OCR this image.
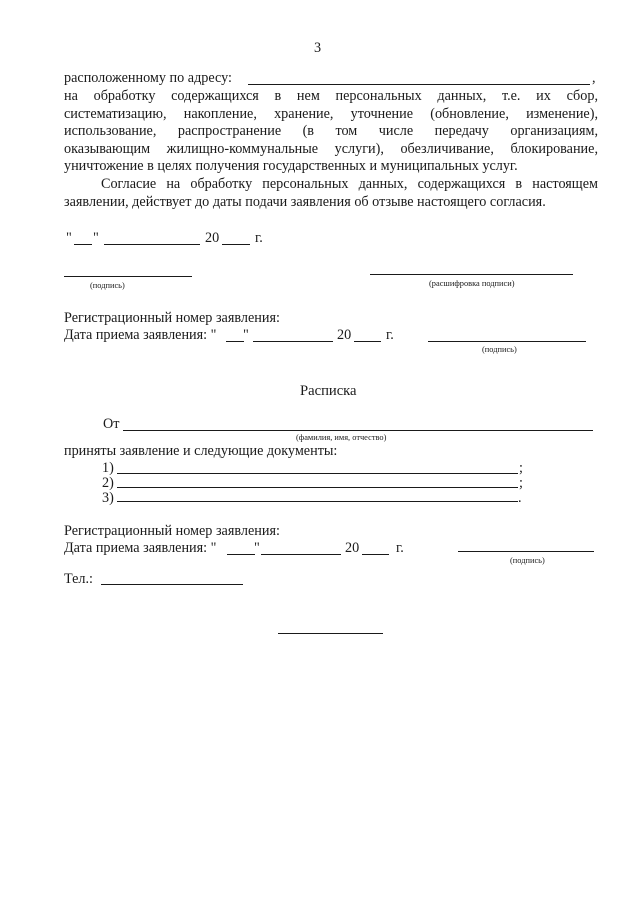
3
расположенному по адресу:	,
на обработку содержащихся в нем персональных данных, т.е. их сбор,
систематизацию, накопление, хранение, уточнение (обновление, изменение),
использование, распространение (в том числе передачу организациям,
оказывающим жилищно-коммунальные услуги), обезличивание, блокирование,
уничтожение в целях получения государственных и муниципальных услуг.
Согласие на обработку персональных данных, содержащихся в настоящем
заявлении, действует до даты подачи заявления об отзыве настоящего согласия.
" "	20	г.
(подпись)	(расшифровка подписи)
Регистрационный номер заявления:
Дата приема заявления: " "	20 г.
(подпись)
Расписка
От
(фамилия, имя, отчество)
приняты заявление и следующие документы:
1)	;
2)	;
3)	.
Регистрационный номер заявления:
Дата приема заявления: "	"	20	г.
(подпись)
Тел.:
